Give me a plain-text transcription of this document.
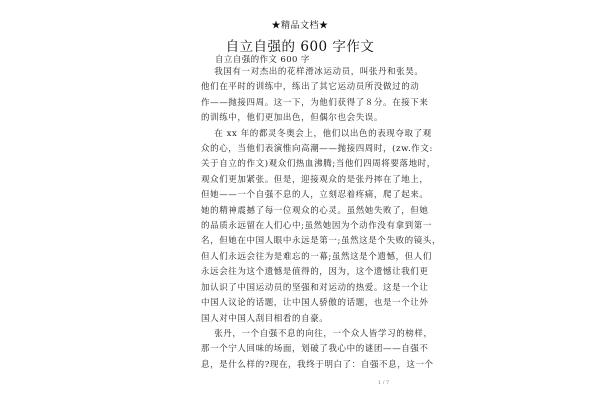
★精品文档★
自立自强的 600 字作文
自立自强的作文 600 字

我国有一对杰出的花样滑冰运动员，叫张丹和张昊。

他们在平时的训练中，练出了其它运动员所没做过的动

作——抛接四周。这一下，为他们获得了８分。在接下来

的训练中，他们更加出色，但偶尔也会失误。

在 xx 年的都灵冬奥会上，他们以出色的表现夺取了观

众的心，当他们表演惟向高潮——抛接四周时，(zw.作文:

关于自立的作文)观众们热血沸腾;当他们四周将要落地时，

观众们更加紧张。但是，迎接观众的是张丹摔在了地上，

但她——一个自强不息的人，立刻忍着疼痛，爬了起来。

她的精神震撼了每一位观众的心灵。虽然她失败了，但她

的品质永远留在人们心中;虽然她因为个动作没有拿到第一

名，但她在中国人眼中永远是第一;虽然这是个失败的镜头，

但人们永远会往为是难忘的一幕;虽然这是个遗憾，但人们

永远会往为这个遗憾是值得的，因为，这个遗憾让我们更

加认识了中国运动员的坚强和对运动的热爱。这是一个让

中国人议论的话题，让中国人骄傲的话题，也是一个让外

国人对中国人刮目相看的自豪。

张丹，一个自强不息的向往，一个众人皆学习的榜样，

那一个宁人回味的场面，划破了我心中的谜团——自强不

息，是什么样的?现在，我终于明白了：自强不息，这一个

1 / 7
